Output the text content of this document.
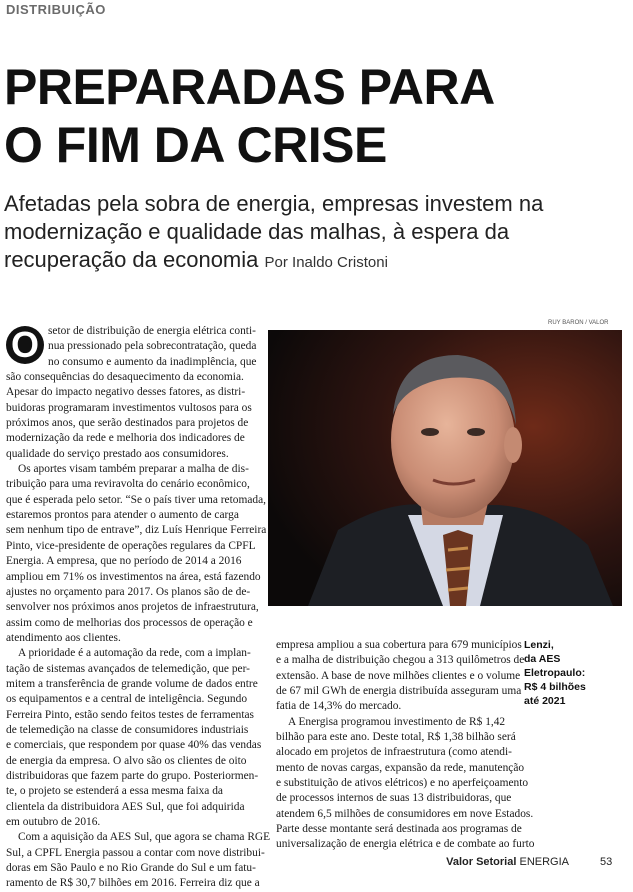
DISTRIBUIÇÃO
PREPARADAS PARA
O FIM DA CRISE

Afetadas pela sobra de energia, empresas investem na modernização e qualidade das malhas, à espera da recuperação da economia Por Inaldo Cristoni

RUY BARON / VALOR
O setor de distribuição de energia elétrica conti-
nua pressionado pela sobrecontratação, queda
no consumo e aumento da inadimplência, que
são consequências do desaquecimento da economia.
Apesar do impacto negativo desses fatores, as distri-
buidoras programaram investimentos vultosos para os
próximos anos, que serão destinados para projetos de
modernização da rede e melhoria dos indicadores de
qualidade do serviço prestado aos consumidores.
Os aportes visam também preparar a malha de dis-
tribuição para uma reviravolta do cenário econômico,
que é esperada pelo setor. “Se o país tiver uma retomada,
estaremos prontos para atender o aumento de carga
sem nenhum tipo de entrave”, diz Luís Henrique Ferreira
Pinto, vice-presidente de operações regulares da CPFL
Energia. A empresa, que no período de 2014 a 2016
ampliou em 71% os investimentos na área, está fazendo
ajustes no orçamento para 2017. Os planos são de de-
senvolver nos próximos anos projetos de infraestrutura,
assim como de melhorias dos processos de operação e
atendimento aos clientes.
A prioridade é a automação da rede, com a implan-
tação de sistemas avançados de telemedição, que per-
mitem a transferência de grande volume de dados entre
os equipamentos e a central de inteligência. Segundo
Ferreira Pinto, estão sendo feitos testes de ferramentas
de telemedição na classe de consumidores industriais
e comerciais, que respondem por quase 40% das vendas
de energia da empresa. O alvo são os clientes de oito
distribuidoras que fazem parte do grupo. Posteriormen-
te, o projeto se estenderá a essa mesma faixa da
clientela da distribuidora AES Sul, que foi adquirida
em outubro de 2016.
Com a aquisição da AES Sul, que agora se chama RGE
Sul, a CPFL Energia passou a contar com nove distribui-
doras em São Paulo e no Rio Grande do Sul e um fatu-
ramento de R$ 30,7 bilhões em 2016. Ferreira diz que a
empresa ampliou a sua cobertura para 679 municípios
e a malha de distribuição chegou a 313 quilômetros de
extensão. A base de nove milhões clientes e o volume
de 67 mil GWh de energia distribuída asseguram uma
fatia de 14,3% do mercado.
A Energisa programou investimento de R$ 1,42
bilhão para este ano. Deste total, R$ 1,38 bilhão será
alocado em projetos de infraestrutura (como atendi-
mento de novas cargas, expansão da rede, manutenção
e substituição de ativos elétricos) e no aperfeiçoamento
de processos internos de suas 13 distribuidoras, que
atendem 6,5 milhões de consumidores em nove Estados.
Parte desse montante será destinada aos programas de
universalização de energia elétrica e de combate ao furto
Lenzi,
da AES
Eletropaulo:
R$ 4 bilhões
até 2021
Valor Setorial ENERGIA	53
